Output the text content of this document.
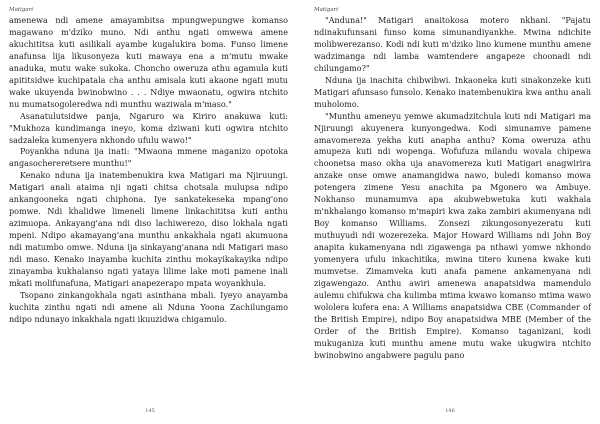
Matigari

amenewa ndi amene amayambitsa mpungwepungwe komanso magawano m'dziko muno. Ndi anthu ngati omwewa amene akuchititsa kuti asilikali ayambe kugalukira boma. Funso limene anafunsa lija likusonyeza kuti mawaya ena a m'mutu mwake anaduka, mutu wake sukoka. Choncho oweruza athu agamula kuti apititsidwe kuchipatala cha anthu amisala kuti akaone ngati mutu wake ukuyenda bwinobwino . . . Ndiye mwaonatu, ogwira ntchito nu mumatsogoleredwa ndi munthu waziwala m'maso."

Asanatulutsidwe panja, Ngaruro wa Kiriro anakuwa kuti: "Mukhoza kundimanga ineyo, koma dziwani kuti ogwira ntchito sadzaleka kumenyera nkhondo ufulu wawo!"

Poyankha nduna ija inati: "Mwaona mmene maganizo opotoka angasochereretsere munthu!"

Kenako nduna ija inatembenukira kwa Matigari ma Njiruungi. Matigari anali ataima nji ngati chitsa chotsala mulupsa ndipo ankangooneka ngati chiphona. Iye sankatekeseka mpang'ono pomwe. Ndi khalidwe limeneli limene linkachititsa kuti anthu azimuopa. Ankayang'ana ndi diso lachiwerezo, diso lokhala ngati mpeni. Ndipo akamayang'ana munthu ankakhala ngati akumuona ndi matumbo omwe. Nduna ija sinkayang'anana ndi Matigari maso ndi maso. Kenako inayamba kuchita zinthu mokayikakayika ndipo zinayamba kukhalanso ngati yataya lilime lake moti pamene inali mkati molifunafuna, Matigari anapezerapo mpata woyankhula.

Tsopano zinkangokhala ngati asinthana mbali. Iyeyo anayamba kuchita zinthu ngati ndi amene ali Nduna Yoona Zachilungamo ndipo ndunayo inkakhala ngati ikuuzidwa chigamulo.

145
Matigari

"Anduna!" Matigari anaitokosa motero nkhani. "Pajatu ndinakufunsani funso koma simunandiyankhe. Mwina ndichite molibwerezanso. Kodi ndi kuti m'dziko lino kumene munthu amene wadzimanga ndi lamba wamtendere angapeze choonadi ndi chilungamo?"

Nduna ija inachita chibwibwi. Inkaoneka kuti sinakonzeke kuti Matigari afunsaso funsolo. Kenako inatembenukira kwa anthu anali muholomo.

"Munthu ameneyu yemwe akumadzitchula kuti ndi Matigari ma Njiruungi akuyenera kunyongedwa. Kodi simunamve pamene amavomereza yekha kuti anapha anthu? Koma oweruza athu amupeza kuti ndi wopenga. Wofufuza milandu wovala chipewa choonetsa maso okha uja anavomereza kuti Matigari anagwirira anzake onse omwe anamangidwa nawo, buledi komanso mowa potengera zimene Yesu anachita pa Mgonero wa Ambuye. Nokhanso munamumva apa akubwebwetuka kuti wakhala m'nkhalango komanso m'mapiri kwa zaka zambiri akumenyana ndi Boy komanso Williams. Zonsezi zikungosonyezeratu kuti muthuyudi ndi wozerezeka. Major Howard Williams ndi John Boy anapita kukamenyana ndi zigawenga pa nthawi yomwe nkhondo yomenyera ufulu inkachitika, mwina titero kunena kwake kuti mumvetse. Zimamveka kuti anafa pamene ankamenyana ndi zigawengazo. Anthu awiri amenewa anapatsidwa mamendulo aulemu chifukwa cha kulimba mtima kwawo komanso mtima wawo wololera kufera ena: A Williams anapatsidwa CBE (Commander of the British Empire), ndipo Boy anapatsidwa MBE (Member of the Order of the British Empire). Komanso taganizani, kodi mukuganiza kuti munthu amene mutu wake ukugwira ntchito bwinobwino angabwere pagulu pano

146
